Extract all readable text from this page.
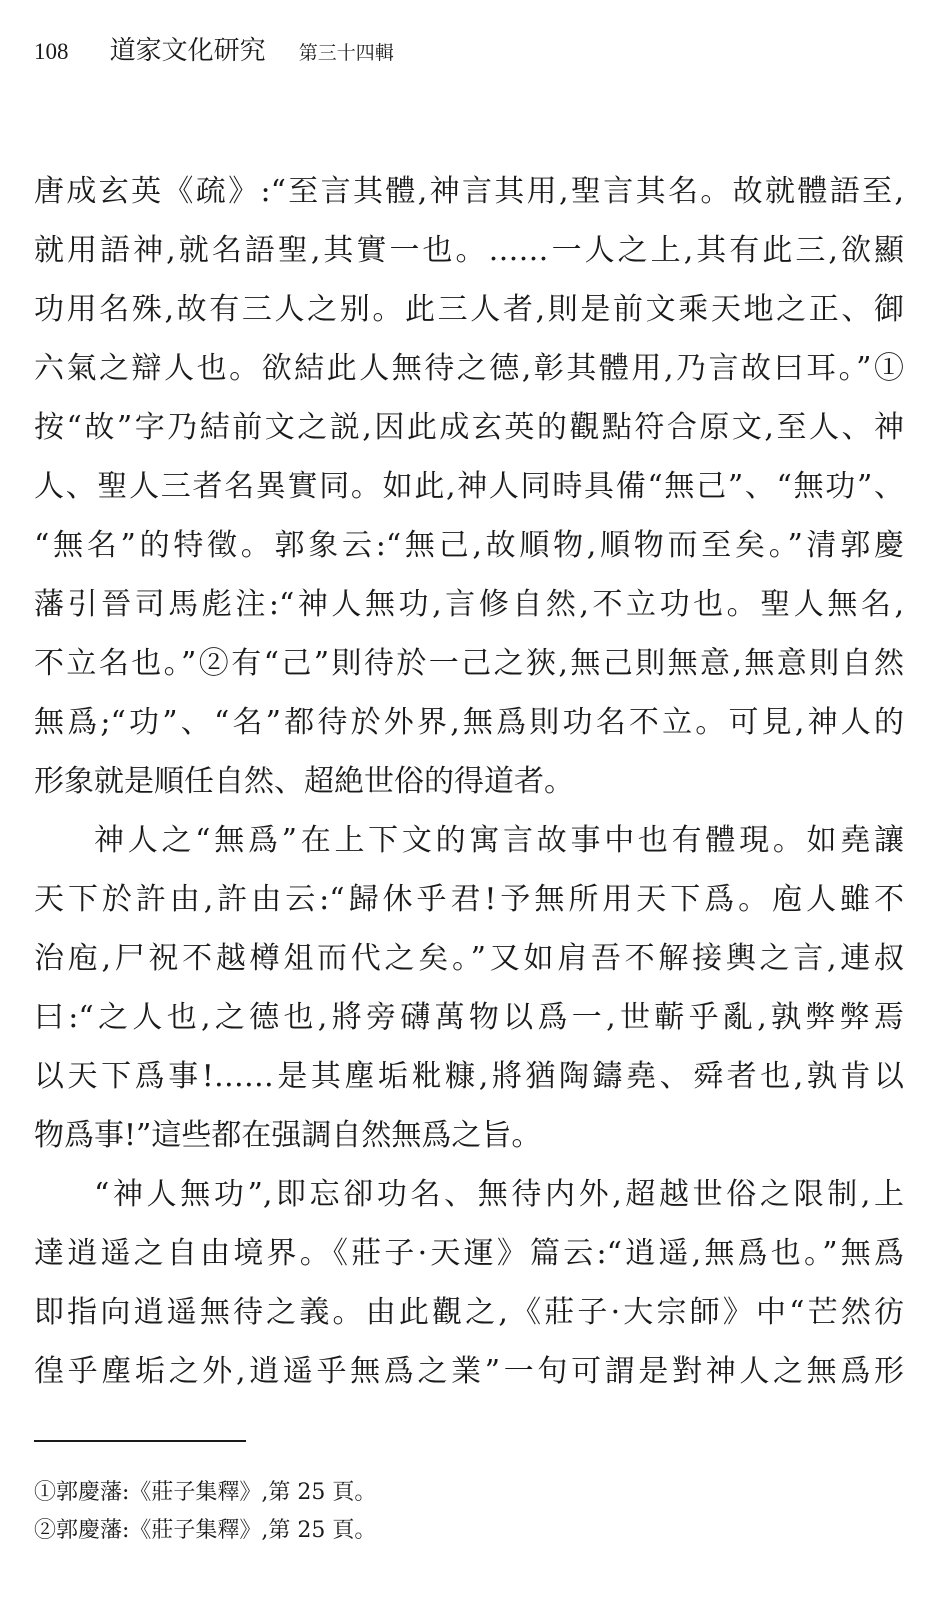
108 道家文化研究 第三十四輯
唐成玄英《疏》:“至言其體,神言其用,聖言其名。故就體語至,
就用語神,就名語聖,其實一也。……一人之上,其有此三,欲顯
功用名殊,故有三人之别。此三人者,則是前文乘天地之正、御
六氣之辯人也。欲結此人無待之德,彰其體用,乃言故曰耳。”①
按“故”字乃結前文之説,因此成玄英的觀點符合原文,至人、神
人、聖人三者名異實同。如此,神人同時具備“無己”、“無功”、
“無名”的特徵。郭象云:“無己,故順物,順物而至矣。”清郭慶
藩引晉司馬彪注:“神人無功,言修自然,不立功也。聖人無名,
不立名也。”②有“己”則待於一己之狹,無己則無意,無意則自然
無爲;“功”、“名”都待於外界,無爲則功名不立。可見,神人的
形象就是順任自然、超絶世俗的得道者。
神人之“無爲”在上下文的寓言故事中也有體現。如堯讓
天下於許由,許由云:“歸休乎君!予無所用天下爲。庖人雖不
治庖,尸祝不越樽俎而代之矣。”又如肩吾不解接輿之言,連叔
曰:“之人也,之德也,將旁礴萬物以爲一,世蘄乎亂,孰弊弊焉
以天下爲事!……是其塵垢粃糠,將猶陶鑄堯、舜者也,孰肯以
物爲事!”這些都在强調自然無爲之旨。
“神人無功”,即忘卻功名、無待内外,超越世俗之限制,上
達逍遥之自由境界。《莊子·天運》篇云:“逍遥,無爲也。”無爲
即指向逍遥無待之義。由此觀之,《莊子·大宗師》中“芒然彷
徨乎塵垢之外,逍遥乎無爲之業”一句可謂是對神人之無爲形
①郭慶藩:《莊子集釋》,第 25 頁。
②郭慶藩:《莊子集釋》,第 25 頁。
